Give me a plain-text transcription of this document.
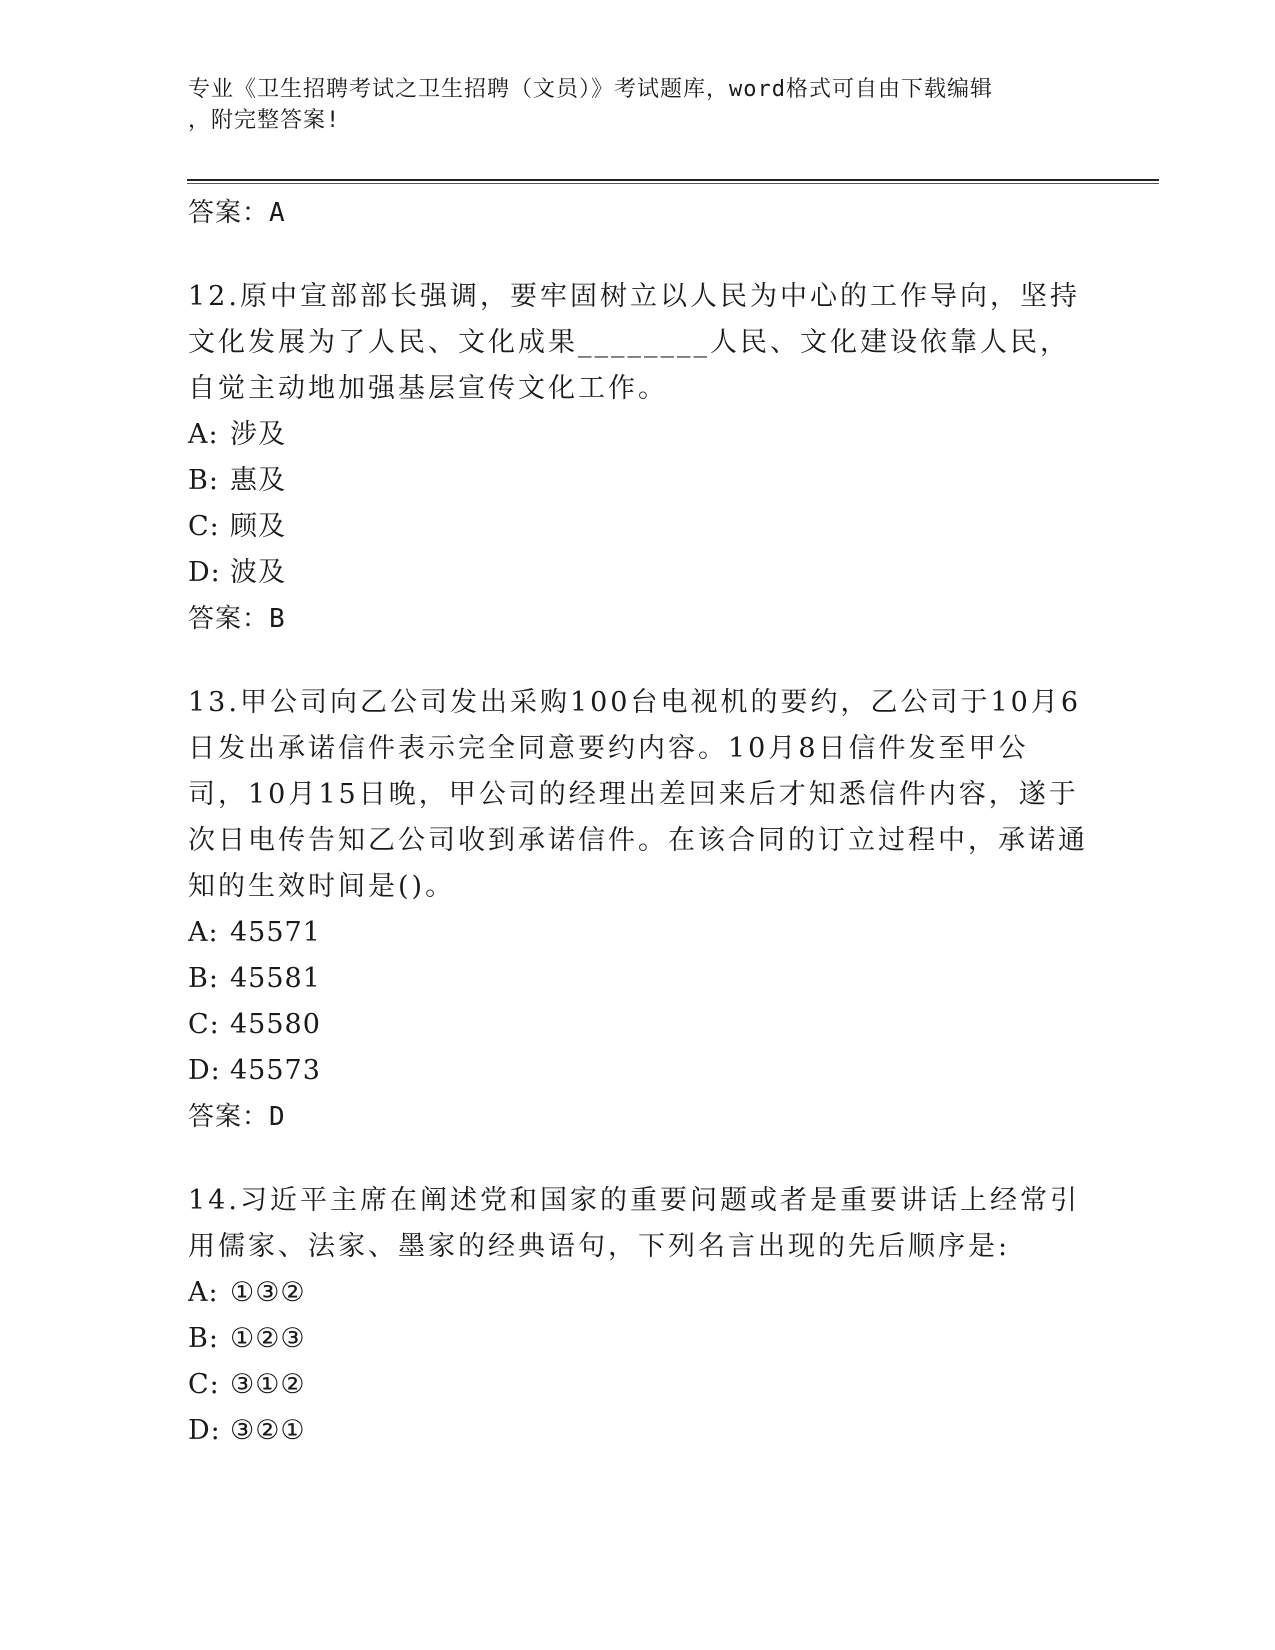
专业《卫生招聘考试之卫生招聘（文员）》考试题库，word格式可自由下载编辑
，附完整答案!
答案：A
12.原中宣部部长强调，要牢固树立以人民为中心的工作导向，坚持文化发展为了人民、文化成果________人民、文化建设依靠人民，自觉主动地加强基层宣传文化工作。
A: 涉及
B: 惠及
C: 顾及
D: 波及
答案：B
13.甲公司向乙公司发出采购100台电视机的要约，乙公司于10月6日发出承诺信件表示完全同意要约内容。10月8日信件发至甲公司，10月15日晚，甲公司的经理出差回来后才知悉信件内容，遂于次日电传告知乙公司收到承诺信件。在该合同的订立过程中，承诺通知的生效时间是()。
A: 45571
B: 45581
C: 45580
D: 45573
答案：D
14.习近平主席在阐述党和国家的重要问题或者是重要讲话上经常引用儒家、法家、墨家的经典语句，下列名言出现的先后顺序是:
A: ①③②
B: ①②③
C: ③①②
D: ③②①
